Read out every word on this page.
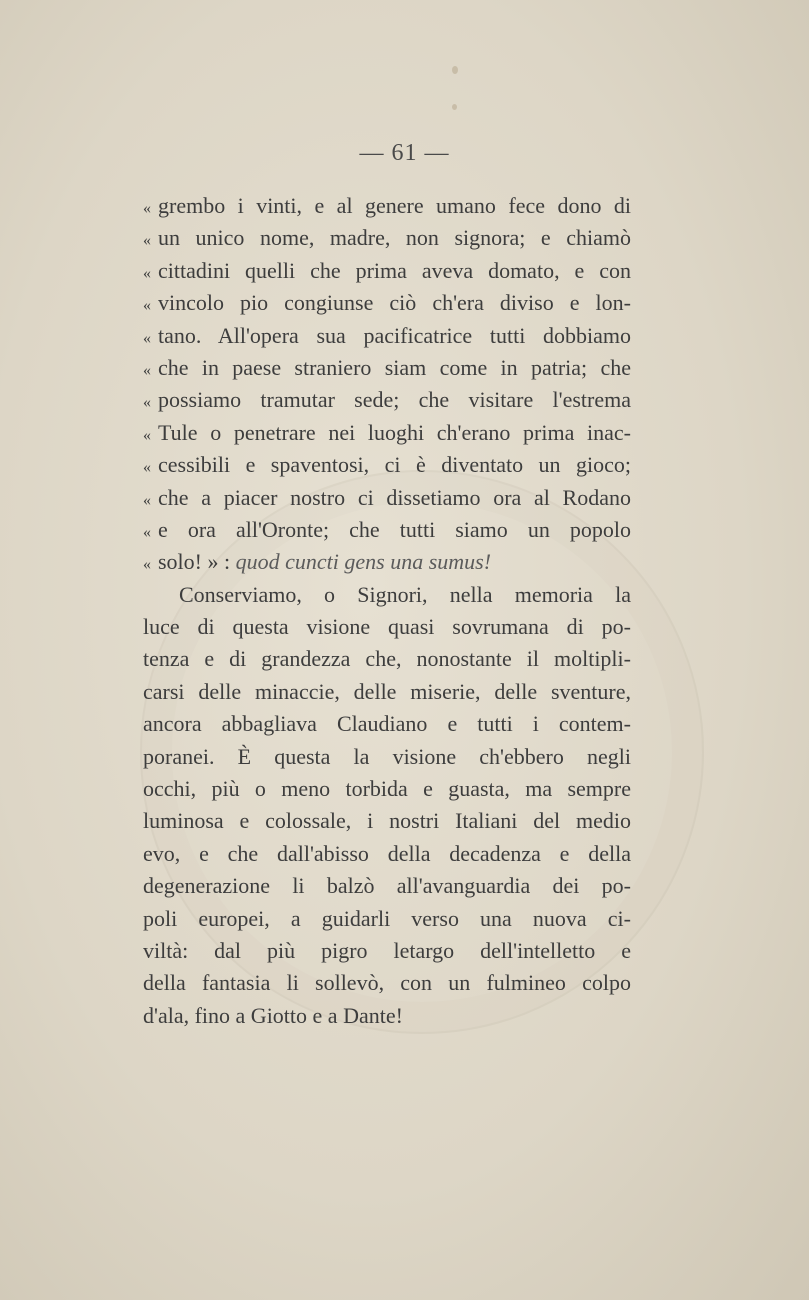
— 61 —
« grembo i vinti, e al genere umano fece dono di
« un unico nome, madre, non signora; e chiamò
« cittadini quelli che prima aveva domato, e con
« vincolo pio congiunse ciò ch'era diviso e lon-
« tano. All'opera sua pacificatrice tutti dobbiamo
« che in paese straniero siam come in patria; che
« possiamo tramutar sede; che visitare l'estrema
« Tule o penetrare nei luoghi ch'erano prima inac-
« cessibili e spaventosi, ci è diventato un gioco;
« che a piacer nostro ci dissetiamo ora al Rodano
« e ora all'Oronte; che tutti siamo un popolo
« solo! » : quod cuncti gens una sumus!
Conserviamo, o Signori, nella memoria la
luce di questa visione quasi sovrumana di po-
tenza e di grandezza che, nonostante il moltipli-
carsi delle minaccie, delle miserie, delle sventure,
ancora abbagliava Claudiano e tutti i contem-
poranei. È questa la visione ch'ebbero negli
occhi, più o meno torbida e guasta, ma sempre
luminosa e colossale, i nostri Italiani del medio
evo, e che dall'abisso della decadenza e della
degenerazione li balzò all'avanguardia dei po-
poli europei, a guidarli verso una nuova ci-
viltà: dal più pigro letargo dell'intelletto e
della fantasia li sollevò, con un fulmineo colpo
d'ala, fino a Giotto e a Dante!
